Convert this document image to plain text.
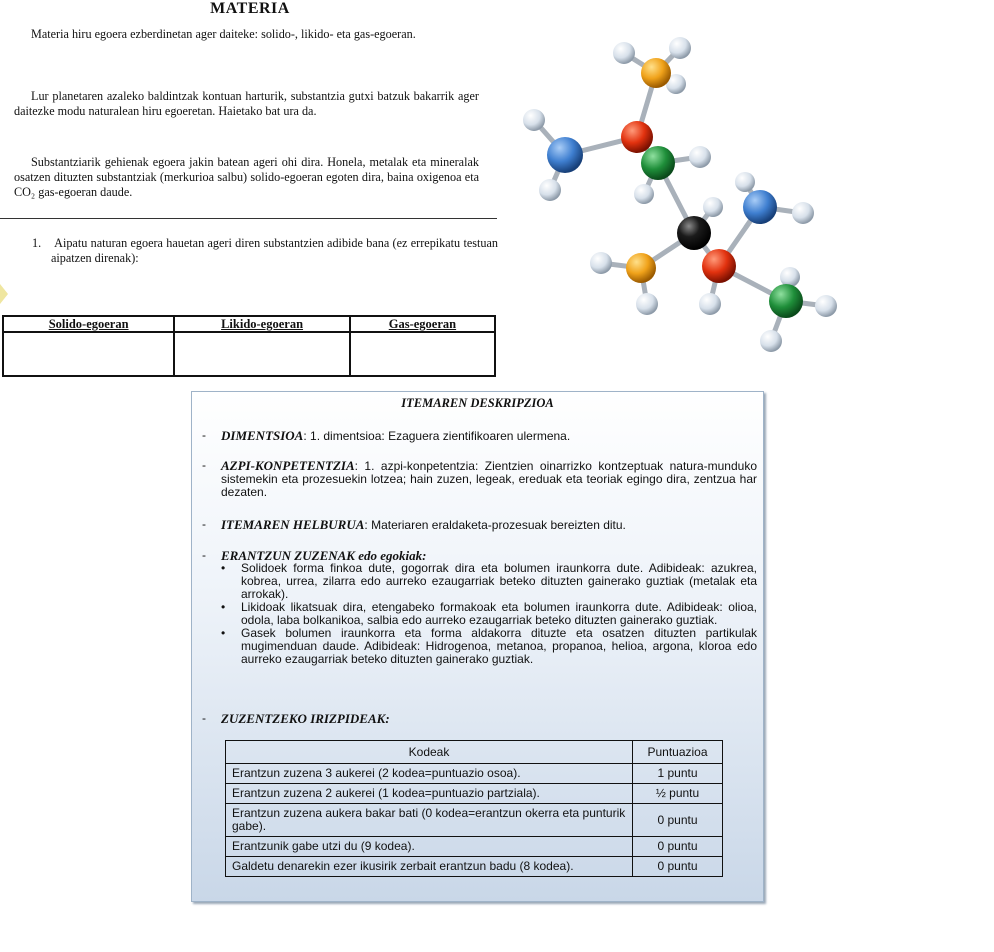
MATERIA

Materia hiru egoera ezberdinetan ager daiteke: solido-, likido- eta gas-egoeran.

Lur planetaren azaleko baldintzak kontuan harturik, substantzia gutxi batzuk bakarrik ager daitezke modu naturalean hiru egoeretan. Haietako bat ura da.

Substantziarik gehienak egoera jakin batean ageri ohi dira. Honela, metalak eta mineralak osatzen dituzten substantziak (merkurioa salbu) solido-egoeran egoten dira, baina oxigenoa eta CO₂ gas-egoeran daude.

1. Aipatu naturan egoera hauetan ageri diren substantzien adibide bana (ez errepikatu testuan aipatzen direnak):
Solido-egoeran	Likido-egoeran	Gas-egoeran

ITEMAREN DESKRIPZIOA
- DIMENTSIOA: 1. dimentsioa: Ezaguera zientifikoaren ulermena.
- AZPI-KONPETENTZIA: 1. azpi-konpetentzia: Zientzien oinarrizko kontzeptuak natura-munduko sistemekin eta prozesuekin lotzea; hain zuzen, legeak, ereduak eta teoriak egingo dira, zentzua har dezaten.
- ITEMAREN HELBURUA: Materiaren eraldaketa-prozesuak bereizten ditu.
- ERANTZUN ZUZENAK edo egokiak:
• Solidoek forma finkoa dute, gogorrak dira eta bolumen iraunkorra dute. Adibideak: azukrea, kobrea, urrea, zilarra edo aurreko ezaugarriak beteko dituzten gainerako guztiak (metalak eta arrokak).
• Likidoak likatsuak dira, etengabeko formakoak eta bolumen iraunkorra dute. Adibideak: olioa, odola, laba bolkanikoa, salbia edo aurreko ezaugarriak beteko dituzten gainerako guztiak.
• Gasek bolumen iraunkorra eta forma aldakorra dituzte eta osatzen dituzten partikulak mugimenduan daude. Adibideak: Hidrogenoa, metanoa, propanoa, helioa, argona, kloroa edo aurreko ezaugarriak beteko dituzten gainerako guztiak.
- ZUZENTZEKO IRIZPIDEAK:
Kodeak	Puntuazioa
Erantzun zuzena 3 aukerei (2 kodea=puntuazio osoa).	1 puntu
Erantzun zuzena 2 aukerei (1 kodea=puntuazio partziala).	½ puntu
Erantzun zuzena aukera bakar bati (0 kodea=erantzun okerra eta punturik gabe).	0 puntu
Erantzunik gabe utzi du (9 kodea).	0 puntu
Galdetu denarekin ezer ikusirik zerbait erantzun badu (8 kodea).	0 puntu
